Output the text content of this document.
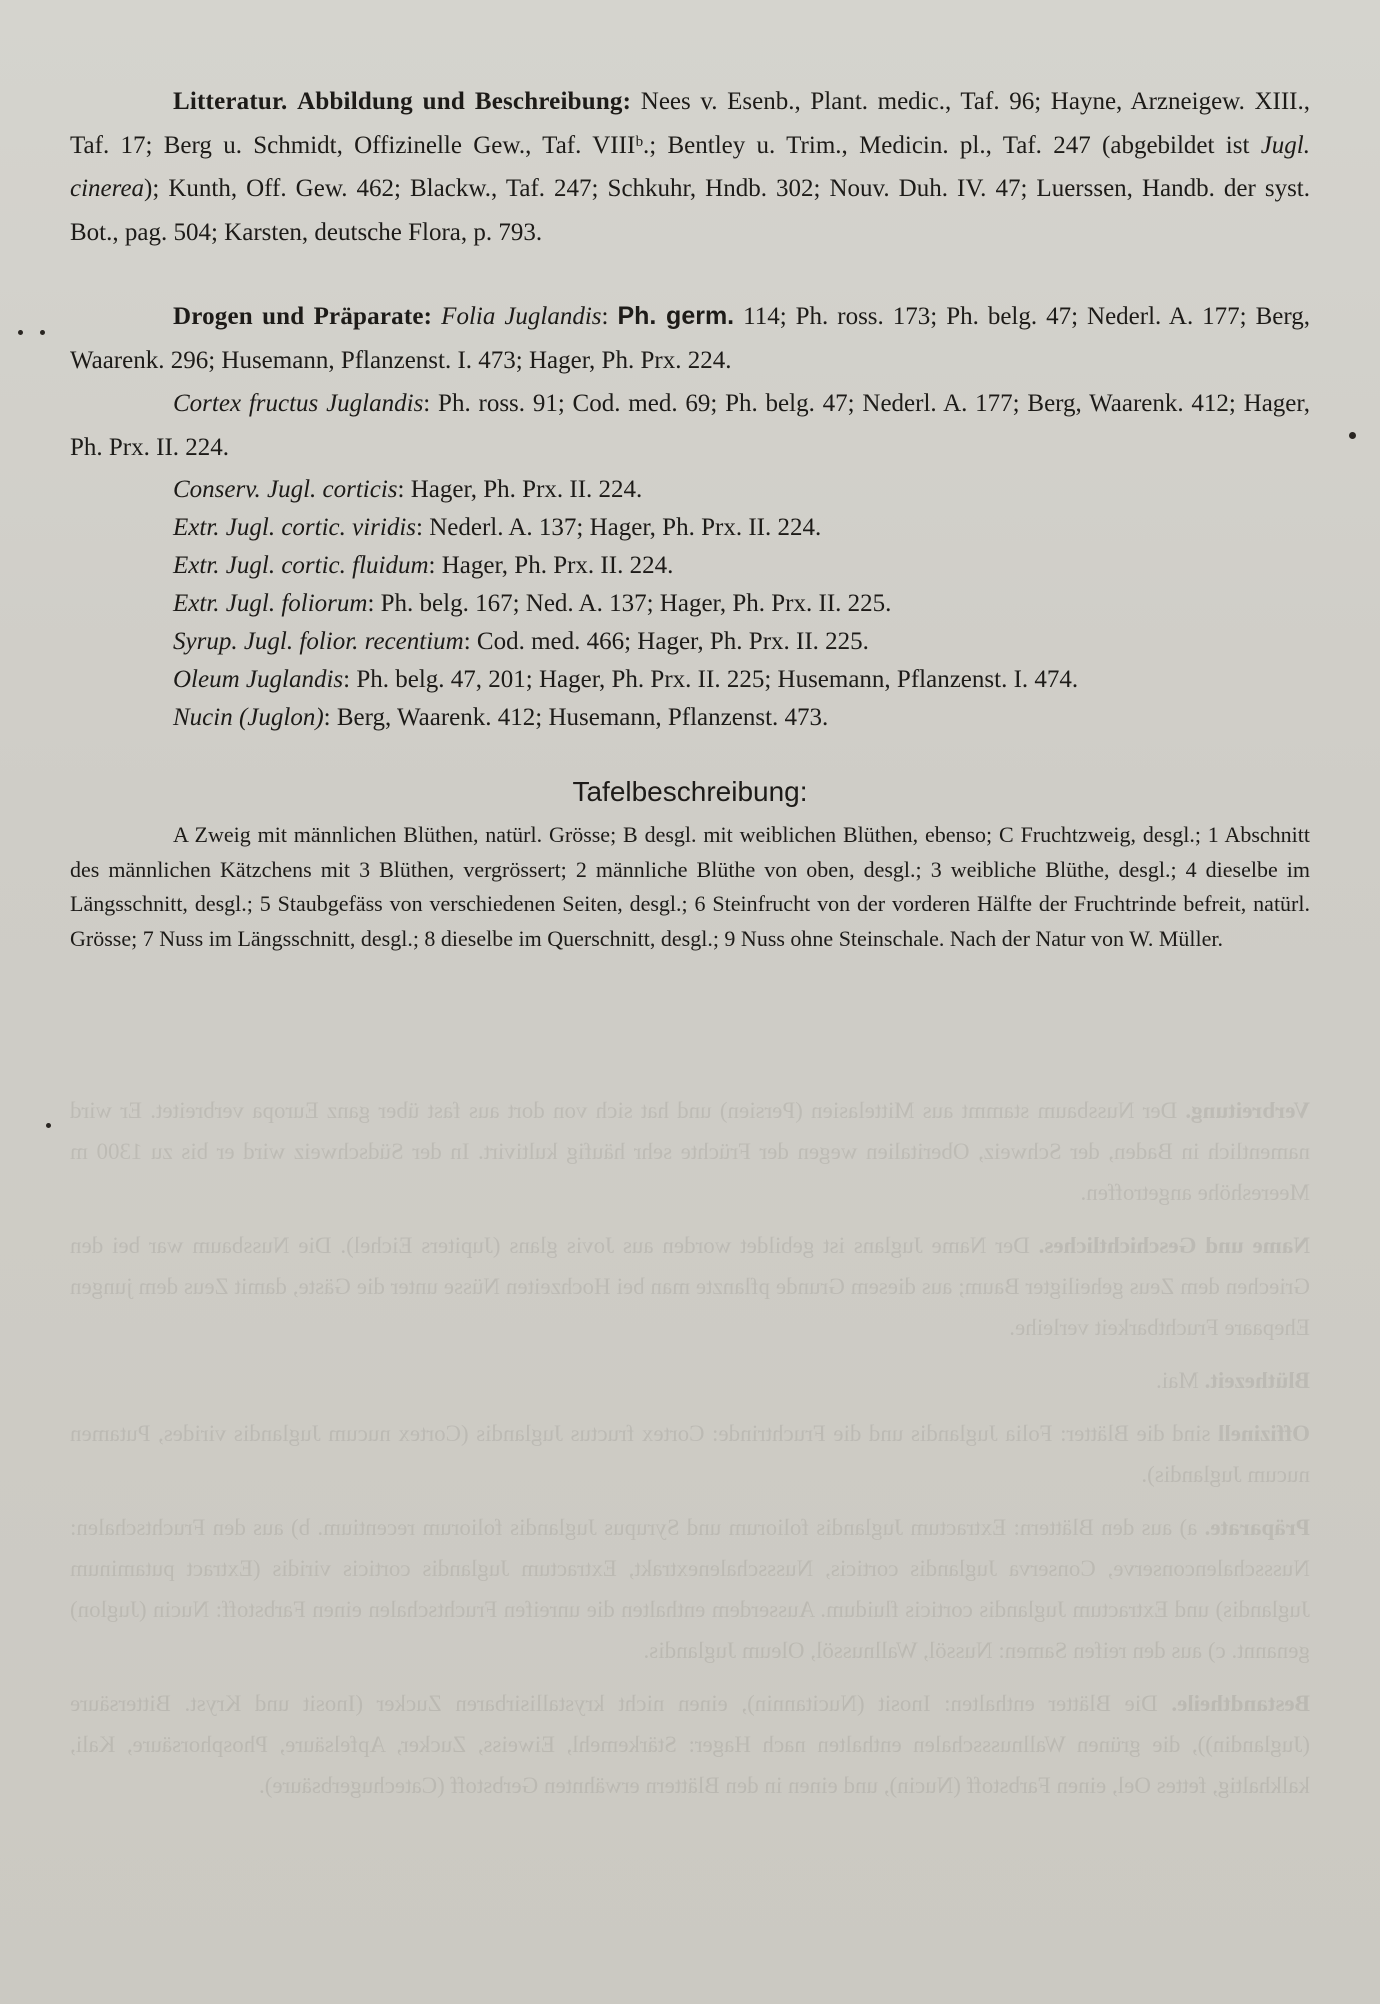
Verbreitung. Der Nussbaum stammt aus Mittelasien (Persien) und hat sich von dort aus fast über ganz Europa verbreitet. Er wird namentlich in Baden, der Schweiz, Oberitalien wegen der Früchte sehr häufig kultivirt. In der Südschweiz wird er bis zu 1300 m Meereshöhe angetroffen.

Name und Geschichtliches. Der Name Juglans ist gebildet worden aus Jovis glans (Jupiters Eichel). Die Nussbaum war bei den Griechen dem Zeus geheiligter Baum; aus diesem Grunde pflanzte man bei Hochzeiten Nüsse unter die Gäste, damit Zeus dem jungen Ehepaare Fruchtbarkeit verleihe.

Blüthezeit. Mai.

Offizinell sind die Blätter: Folia Juglandis und die Fruchtrinde: Cortex fructus Juglandis (Cortex nucum Juglandis virides, Putamen nucum Juglandis).

Präparate. a) aus den Blättern: Extractum Juglandis foliorum und Syrupus Juglandis foliorum recentium. b) aus den Fruchtschalen: Nussschalenconserve, Conserva Juglandis corticis, Nussschalenextrakt, Extractum Juglandis corticis viridis (Extract putaminum Juglandis) und Extractum Juglandis corticis fluidum. Ausserdem enthalten die unreifen Fruchtschalen einen Farbstoff: Nucin (Juglon) genannt. c) aus den reifen Samen: Nussöl, Wallnussöl, Oleum Juglandis.

Bestandtheile. Die Blätter enthalten: Inosit (Nucitannin), einen nicht krystallisirbaren Zucker (Inosit und Kryst. Bittersäure (Juglandin)), die grünen Wallnussschalen enthalten nach Hager: Stärkemehl, Eiweiss, Zucker, Apfelsäure, Phosphorsäure, Kali, kalkhaltig, fettes Oel, einen Farbstoff (Nucin), und einen in den Blättern erwähnten Gerbstoff (Catechugerbsäure).

Litteratur. Abbildung und Beschreibung: Nees v. Esenb., Plant. medic., Taf. 96; Hayne, Arzneigew. XIII., Taf. 17; Berg u. Schmidt, Offizinelle Gew., Taf. VIIIᵇ.; Bentley u. Trim., Medicin. pl., Taf. 247 (abgebildet ist Jugl. cinerea); Kunth, Off. Gew. 462; Blackw., Taf. 247; Schkuhr, Hndb. 302; Nouv. Duh. IV. 47; Luerssen, Handb. der syst. Bot., pag. 504; Karsten, deutsche Flora, p. 793.

Drogen und Präparate: Folia Juglandis: Ph. germ. 114; Ph. ross. 173; Ph. belg. 47; Nederl. A. 177; Berg, Waarenk. 296; Husemann, Pflanzenst. I. 473; Hager, Ph. Prx. 224.

Cortex fructus Juglandis: Ph. ross. 91; Cod. med. 69; Ph. belg. 47; Nederl. A. 177; Berg, Waarenk. 412; Hager, Ph. Prx. II. 224.

Conserv. Jugl. corticis: Hager, Ph. Prx. II. 224.
Extr. Jugl. cortic. viridis: Nederl. A. 137; Hager, Ph. Prx. II. 224.
Extr. Jugl. cortic. fluidum: Hager, Ph. Prx. II. 224.
Extr. Jugl. foliorum: Ph. belg. 167; Ned. A. 137; Hager, Ph. Prx. II. 225.
Syrup. Jugl. folior. recentium: Cod. med. 466; Hager, Ph. Prx. II. 225.
Oleum Juglandis: Ph. belg. 47, 201; Hager, Ph. Prx. II. 225; Husemann, Pflanzenst. I. 474.
Nucin (Juglon): Berg, Waarenk. 412; Husemann, Pflanzenst. 473.
Tafelbeschreibung:

A Zweig mit männlichen Blüthen, natürl. Grösse; B desgl. mit weiblichen Blüthen, ebenso; C Fruchtzweig, desgl.; 1 Abschnitt des männlichen Kätzchens mit 3 Blüthen, vergrössert; 2 männliche Blüthe von oben, desgl.; 3 weibliche Blüthe, desgl.; 4 dieselbe im Längsschnitt, desgl.; 5 Staubgefäss von verschiedenen Seiten, desgl.; 6 Steinfrucht von der vorderen Hälfte der Fruchtrinde befreit, natürl. Grösse; 7 Nuss im Längsschnitt, desgl.; 8 dieselbe im Querschnitt, desgl.; 9 Nuss ohne Steinschale. Nach der Natur von W. Müller.
